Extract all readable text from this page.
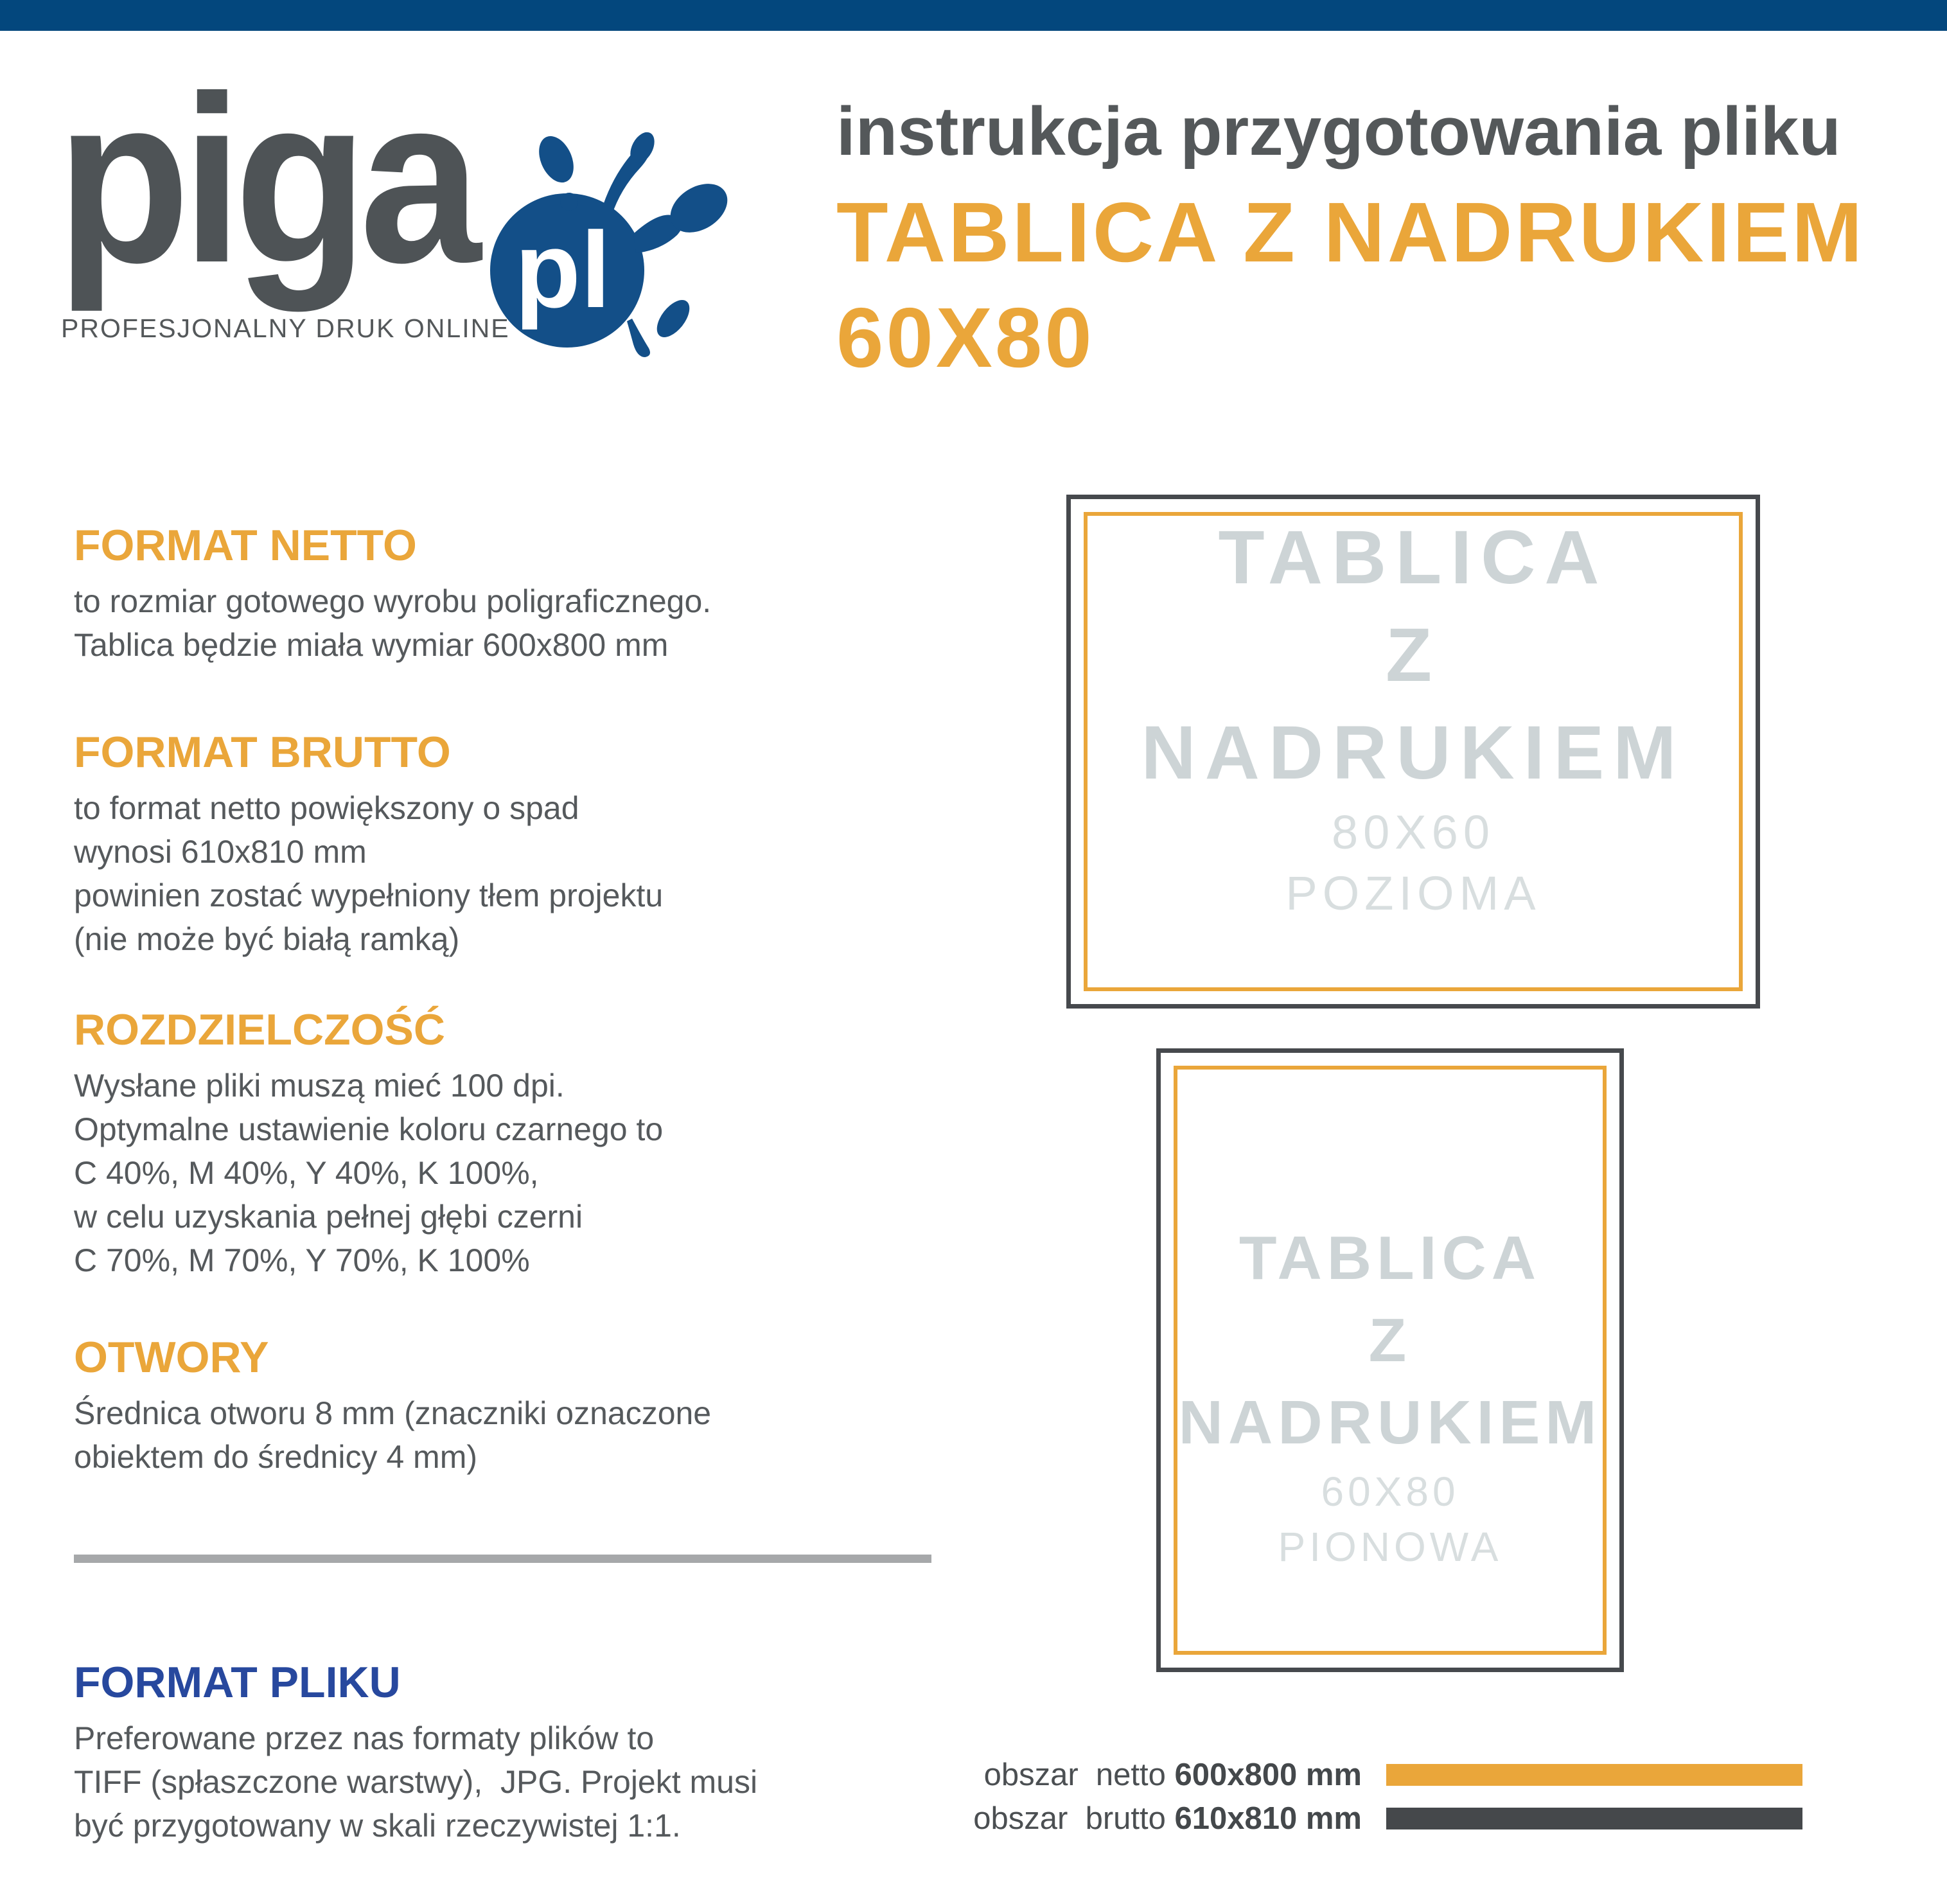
piga
PROFESJONALNY DRUK ONLINE pl
instrukcja przygotowania pliku
TABLICA Z NADRUKIEM
60X80
FORMAT NETTO
to rozmiar gotowego wyrobu poligraficznego.
Tablica będzie miała wymiar 600x800 mm
FORMAT BRUTTO
to format netto powiększony o spad
wynosi 610x810 mm
powinien zostać wypełniony tłem projektu
(nie może być białą ramką)
ROZDZIELCZOŚĆ
Wysłane pliki muszą mieć 100 dpi.
Optymalne ustawienie koloru czarnego to
C 40%, M 40%, Y 40%, K 100%,
w celu uzyskania pełnej głębi czerni
C 70%, M 70%, Y 70%, K 100%
OTWORY
Średnica otworu 8 mm (znaczniki oznaczone
obiektem do średnicy 4 mm)
FORMAT PLIKU
Preferowane przez nas formaty plików to
TIFF (spłaszczone warstwy),  JPG. Projekt musi
być przygotowany w skali rzeczywistej 1:1.
TABLICA
Z
NADRUKIEM
80X60
POZIOMA
TABLICA
Z
NADRUKIEM
60X80
PIONOWA
obszar  netto 600x800 mm
obszar  brutto 610x810 mm
